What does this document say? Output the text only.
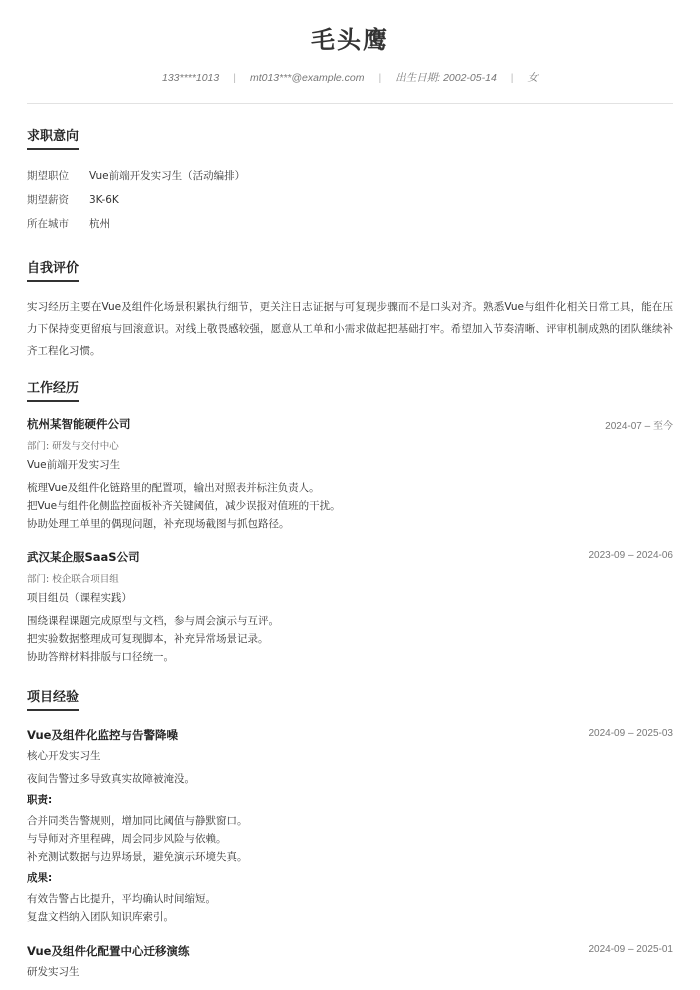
毛头鹰
133****1013 | mt013***@example.com | 出生日期: 2002-05-14 | 女
求职意向
期望职位 Vue前端开发实习生（活动编排）
期望薪资 3K-6K
所在城市 杭州
自我评价
实习经历主要在Vue及组件化场景积累执行细节，更关注日志证据与可复现步骤而不是口头对齐。熟悉Vue与组件化相关日常工具，能在压力下保持变更留痕与回滚意识。对线上敬畏感较强，愿意从工单和小需求做起把基础打牢。希望加入节奏清晰、评审机制成熟的团队继续补齐工程化习惯。
工作经历
杭州某智能硬件公司	2024-07 – 至今
部门: 研发与交付中心
Vue前端开发实习生
梳理Vue及组件化链路里的配置项，输出对照表并标注负责人。
把Vue与组件化侧监控面板补齐关键阈值，减少误报对值班的干扰。
协助处理工单里的偶现问题，补充现场截图与抓包路径。
武汉某企服SaaS公司	2023-09 – 2024-06
部门: 校企联合项目组
项目组员（课程实践）
围绕课程课题完成原型与文档，参与周会演示与互评。
把实验数据整理成可复现脚本，补充异常场景记录。
协助答辩材料排版与口径统一。
项目经验
Vue及组件化监控与告警降噪	2024-09 – 2025-03
核心开发实习生
夜间告警过多导致真实故障被淹没。
职责:
合并同类告警规则，增加同比阈值与静默窗口。
与导师对齐里程碑，周会同步风险与依赖。
补充测试数据与边界场景，避免演示环境失真。
成果:
有效告警占比提升，平均确认时间缩短。
复盘文档纳入团队知识库索引。
Vue及组件化配置中心迁移演练	2024-09 – 2025-01
研发实习生
